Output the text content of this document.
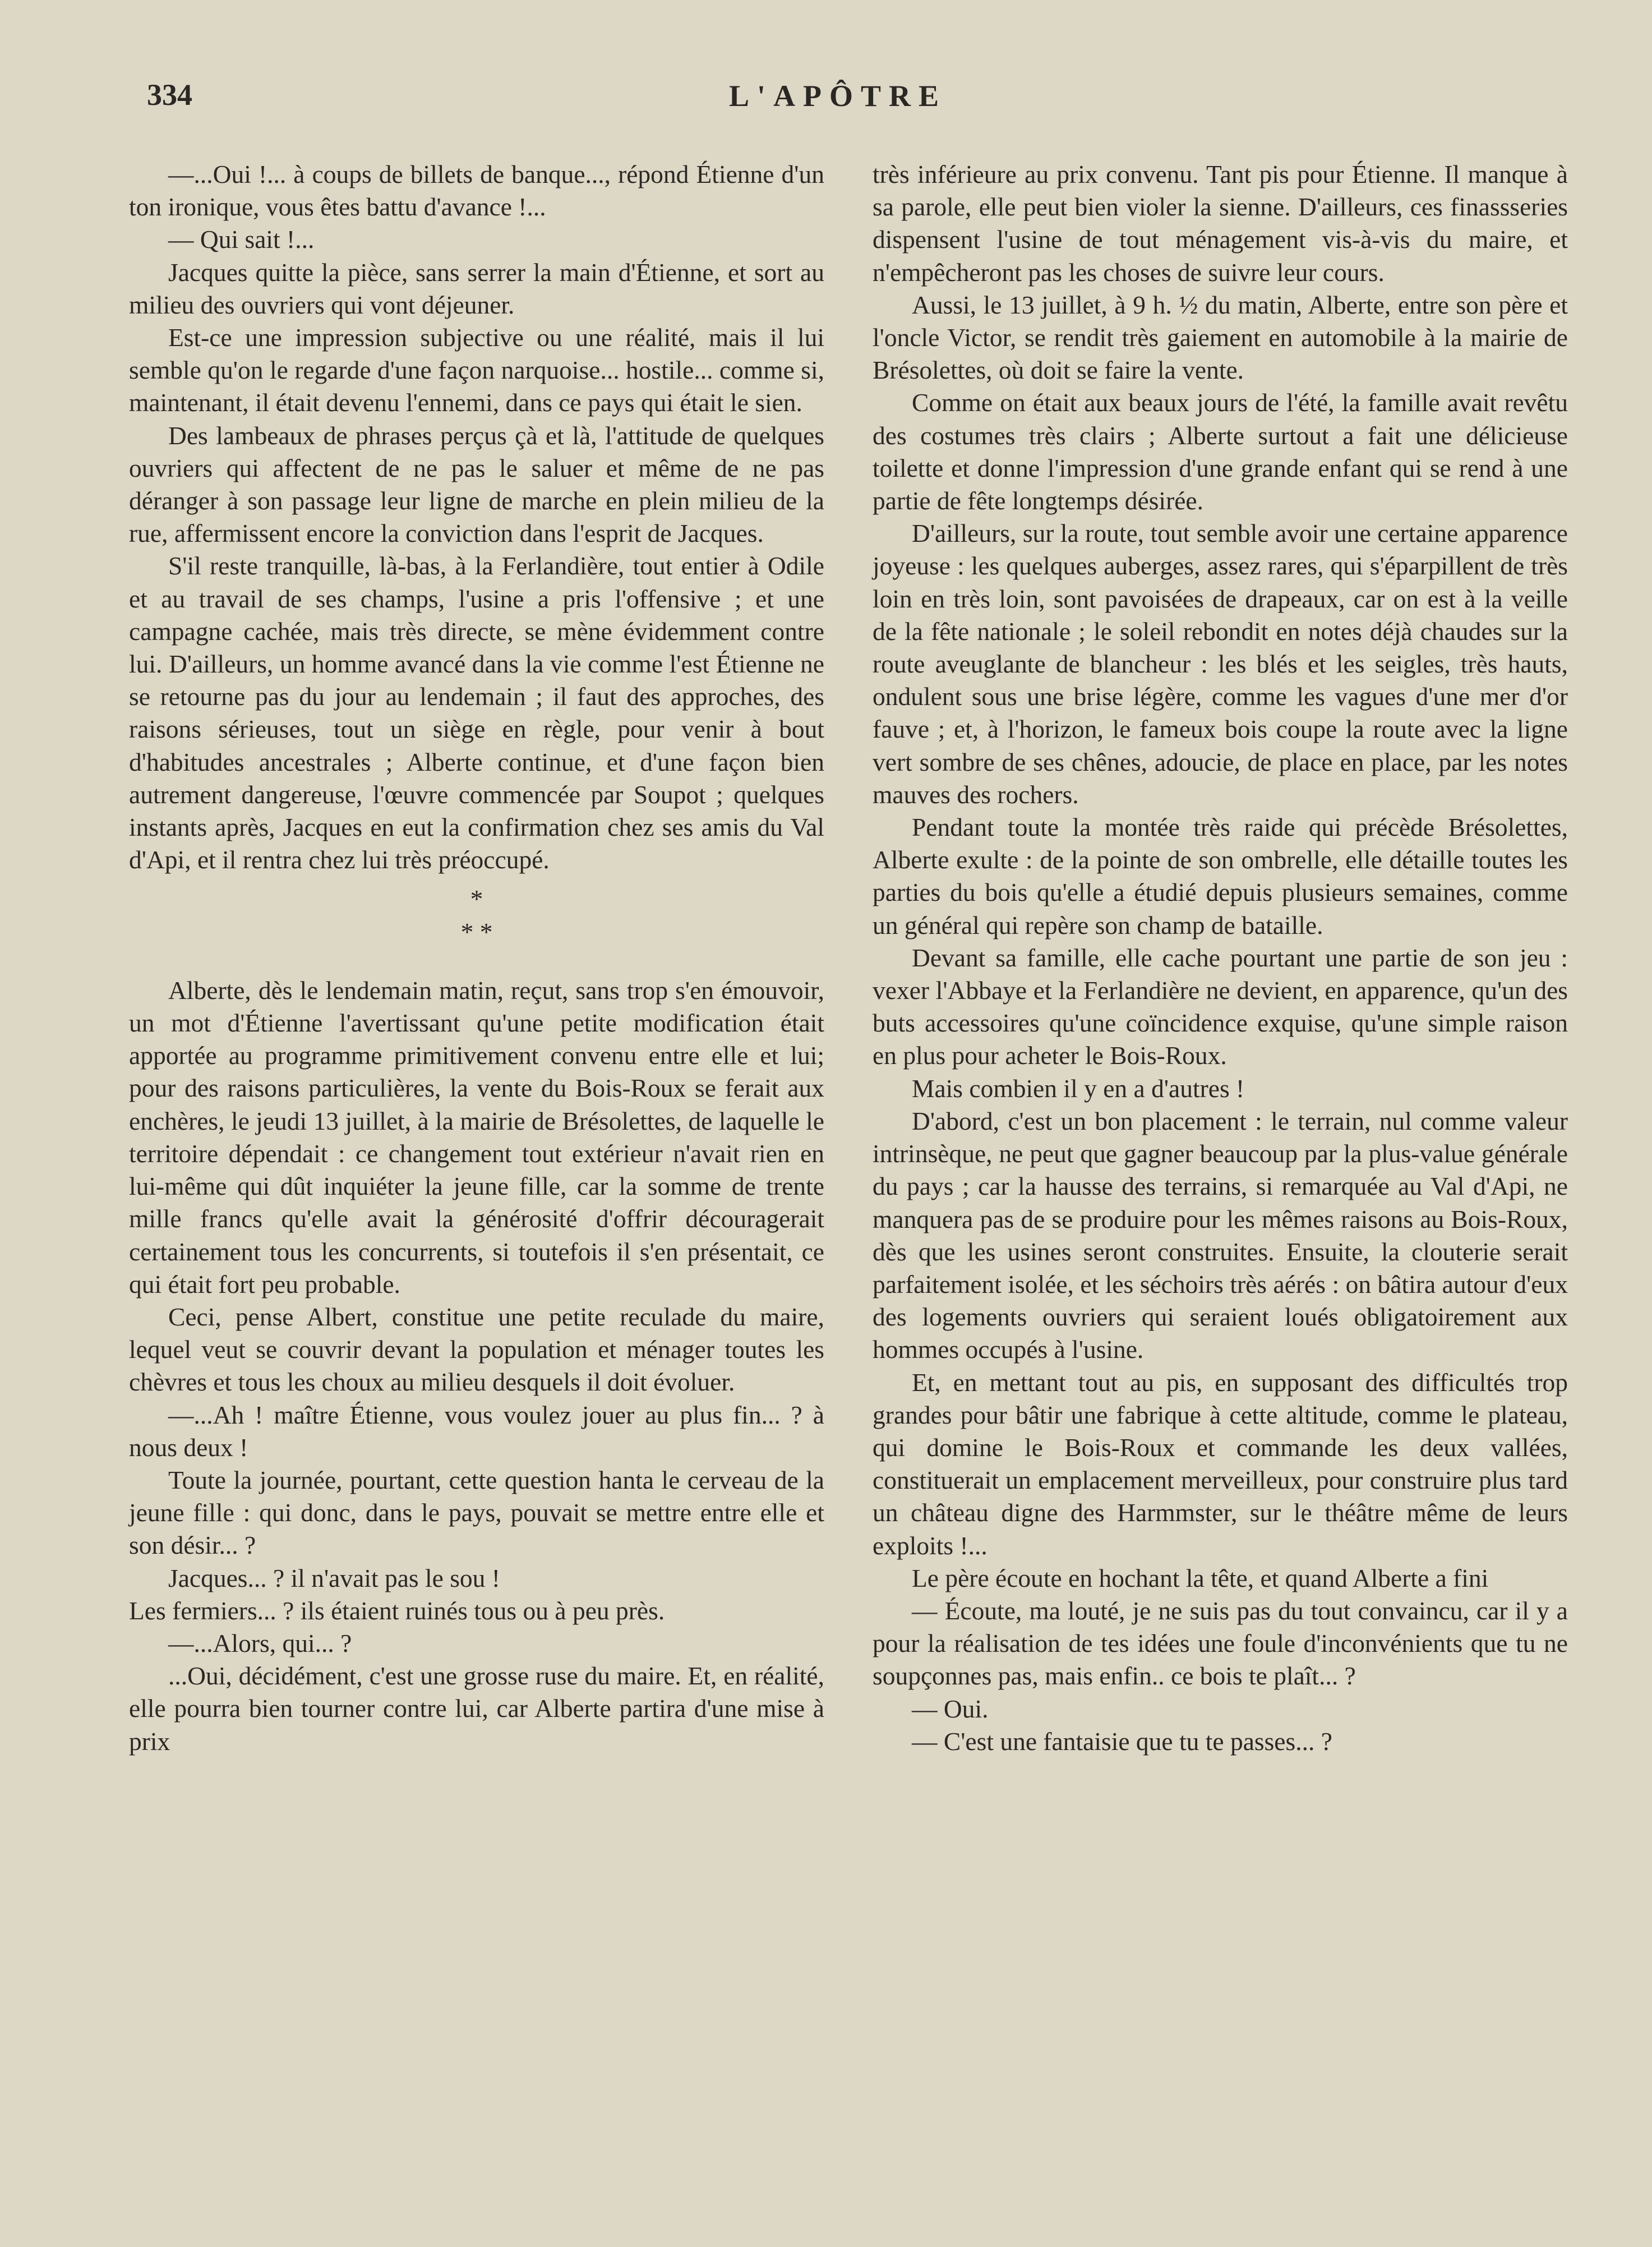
334	L'APÔTRE

—...Oui !... à coups de billets de banque..., répond Étienne d'un ton ironique, vous êtes battu d'avance !...

— Qui sait !...

Jacques quitte la pièce, sans serrer la main d'Étienne, et sort au milieu des ouvriers qui vont déjeuner.

Est-ce une impression subjective ou une réalité, mais il lui semble qu'on le regarde d'une façon narquoise... hostile... comme si, maintenant, il était devenu l'ennemi, dans ce pays qui était le sien.

Des lambeaux de phrases perçus çà et là, l'attitude de quelques ouvriers qui affectent de ne pas le saluer et même de ne pas déranger à son passage leur ligne de marche en plein milieu de la rue, affermissent encore la conviction dans l'esprit de Jacques.

S'il reste tranquille, là-bas, à la Ferlandière, tout entier à Odile et au travail de ses champs, l'usine a pris l'offensive ; et une campagne cachée, mais très directe, se mène évidemment contre lui. D'ailleurs, un homme avancé dans la vie comme l'est Étienne ne se retourne pas du jour au lendemain ; il faut des approches, des raisons sérieuses, tout un siège en règle, pour venir à bout d'habitudes ancestrales ; Alberte continue, et d'une façon bien autrement dangereuse, l'œuvre commencée par Soupot ; quelques instants après, Jacques en eut la confirmation chez ses amis du Val d'Api, et il rentra chez lui très préoccupé.

*

* *

Alberte, dès le lendemain matin, reçut, sans trop s'en émouvoir, un mot d'Étienne l'avertissant qu'une petite modification était apportée au programme primitivement convenu entre elle et lui; pour des raisons particulières, la vente du Bois-Roux se ferait aux enchères, le jeudi 13 juillet, à la mairie de Brésolettes, de laquelle le territoire dépendait : ce changement tout extérieur n'avait rien en lui-même qui dût inquiéter la jeune fille, car la somme de trente mille francs qu'elle avait la générosité d'offrir découragerait certainement tous les concurrents, si toutefois il s'en présentait, ce qui était fort peu probable.

Ceci, pense Albert, constitue une petite reculade du maire, lequel veut se couvrir devant la population et ménager toutes les chèvres et tous les choux au milieu desquels il doit évoluer.

—...Ah ! maître Étienne, vous voulez jouer au plus fin... ? à nous deux !

Toute la journée, pourtant, cette question hanta le cerveau de la jeune fille : qui donc, dans le pays, pouvait se mettre entre elle et son désir... ?

Jacques... ? il n'avait pas le sou !

Les fermiers... ? ils étaient ruinés tous ou à peu près.

—...Alors, qui... ?

...Oui, décidément, c'est une grosse ruse du maire. Et, en réalité, elle pourra bien tourner contre lui, car Alberte partira d'une mise à prix

très inférieure au prix convenu. Tant pis pour Étienne. Il manque à sa parole, elle peut bien violer la sienne. D'ailleurs, ces finassseries dispensent l'usine de tout ménagement vis-à-vis du maire, et n'empêcheront pas les choses de suivre leur cours.

Aussi, le 13 juillet, à 9 h. ½ du matin, Alberte, entre son père et l'oncle Victor, se rendit très gaiement en automobile à la mairie de Brésolettes, où doit se faire la vente.

Comme on était aux beaux jours de l'été, la famille avait revêtu des costumes très clairs ; Alberte surtout a fait une délicieuse toilette et donne l'impression d'une grande enfant qui se rend à une partie de fête longtemps désirée.

D'ailleurs, sur la route, tout semble avoir une certaine apparence joyeuse : les quelques auberges, assez rares, qui s'éparpillent de très loin en très loin, sont pavoisées de drapeaux, car on est à la veille de la fête nationale ; le soleil rebondit en notes déjà chaudes sur la route aveuglante de blancheur : les blés et les seigles, très hauts, ondulent sous une brise légère, comme les vagues d'une mer d'or fauve ; et, à l'horizon, le fameux bois coupe la route avec la ligne vert sombre de ses chênes, adoucie, de place en place, par les notes mauves des rochers.

Pendant toute la montée très raide qui précède Brésolettes, Alberte exulte : de la pointe de son ombrelle, elle détaille toutes les parties du bois qu'elle a étudié depuis plusieurs semaines, comme un général qui repère son champ de bataille.

Devant sa famille, elle cache pourtant une partie de son jeu : vexer l'Abbaye et la Ferlandière ne devient, en apparence, qu'un des buts accessoires qu'une coïncidence exquise, qu'une simple raison en plus pour acheter le Bois-Roux.

Mais combien il y en a d'autres !

D'abord, c'est un bon placement : le terrain, nul comme valeur intrinsèque, ne peut que gagner beaucoup par la plus-value générale du pays ; car la hausse des terrains, si remarquée au Val d'Api, ne manquera pas de se produire pour les mêmes raisons au Bois-Roux, dès que les usines seront construites. Ensuite, la clouterie serait parfaitement isolée, et les séchoirs très aérés : on bâtira autour d'eux des logements ouvriers qui seraient loués obligatoirement aux hommes occupés à l'usine.

Et, en mettant tout au pis, en supposant des difficultés trop grandes pour bâtir une fabrique à cette altitude, comme le plateau, qui domine le Bois-Roux et commande les deux vallées, constituerait un emplacement merveilleux, pour construire plus tard un château digne des Harmmster, sur le théâtre même de leurs exploits !...

Le père écoute en hochant la tête, et quand Alberte a fini

— Écoute, ma louté, je ne suis pas du tout convaincu, car il y a pour la réalisation de tes idées une foule d'inconvénients que tu ne soupçonnes pas, mais enfin.. ce bois te plaît... ?

— Oui.

— C'est une fantaisie que tu te passes... ?
